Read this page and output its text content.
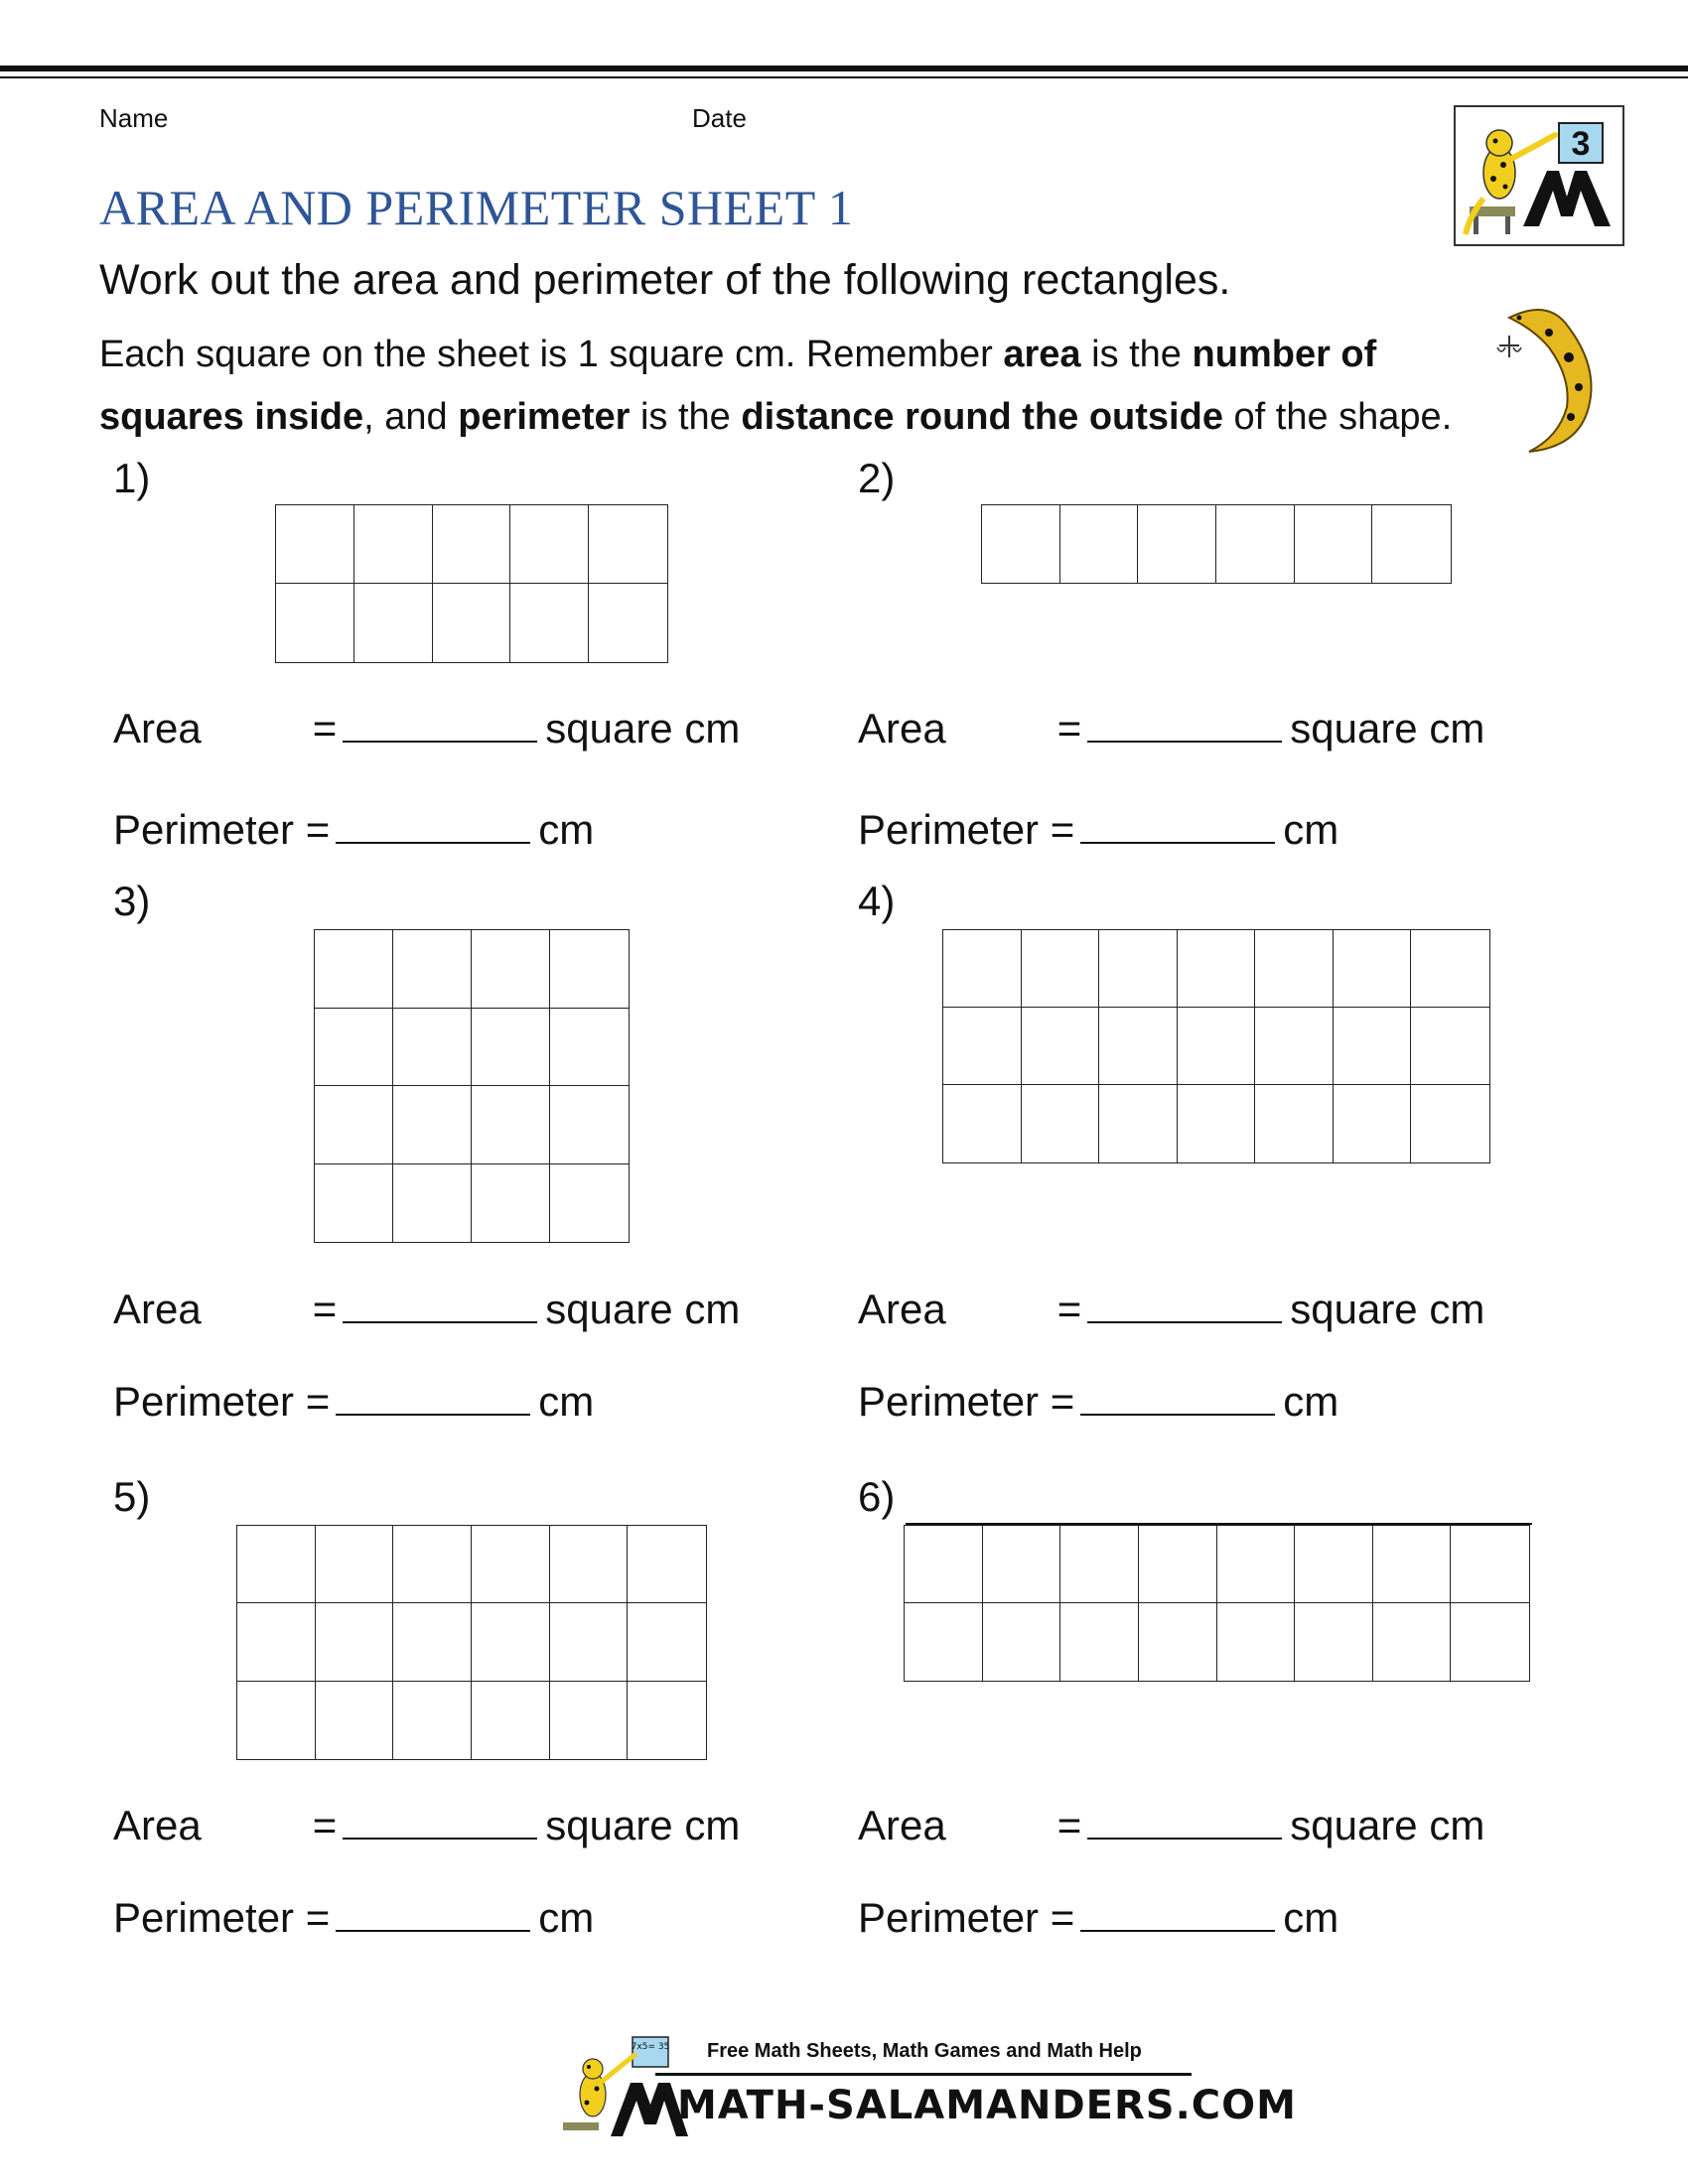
Name	Date
3
AREA AND PERIMETER SHEET 1
Work out the area and perimeter of the following rectangles.
Each square on the sheet is 1 square cm. Remember area is the number of squares inside, and perimeter is the distance round the outside of the shape.
1)
Area	=	square cm
Perimeter =	cm
2)
Area	=	square cm
Perimeter =	cm
3)
Area	=	square cm
Perimeter =	cm
4)
Area	=	square cm
Perimeter =	cm
5)
Area	=	square cm
Perimeter =	cm
6)
Area	=	square cm
Perimeter =	cm
7x5= 35 Free Math Sheets, Math Games and Math Help
MATH-SALAMANDERS.COM
